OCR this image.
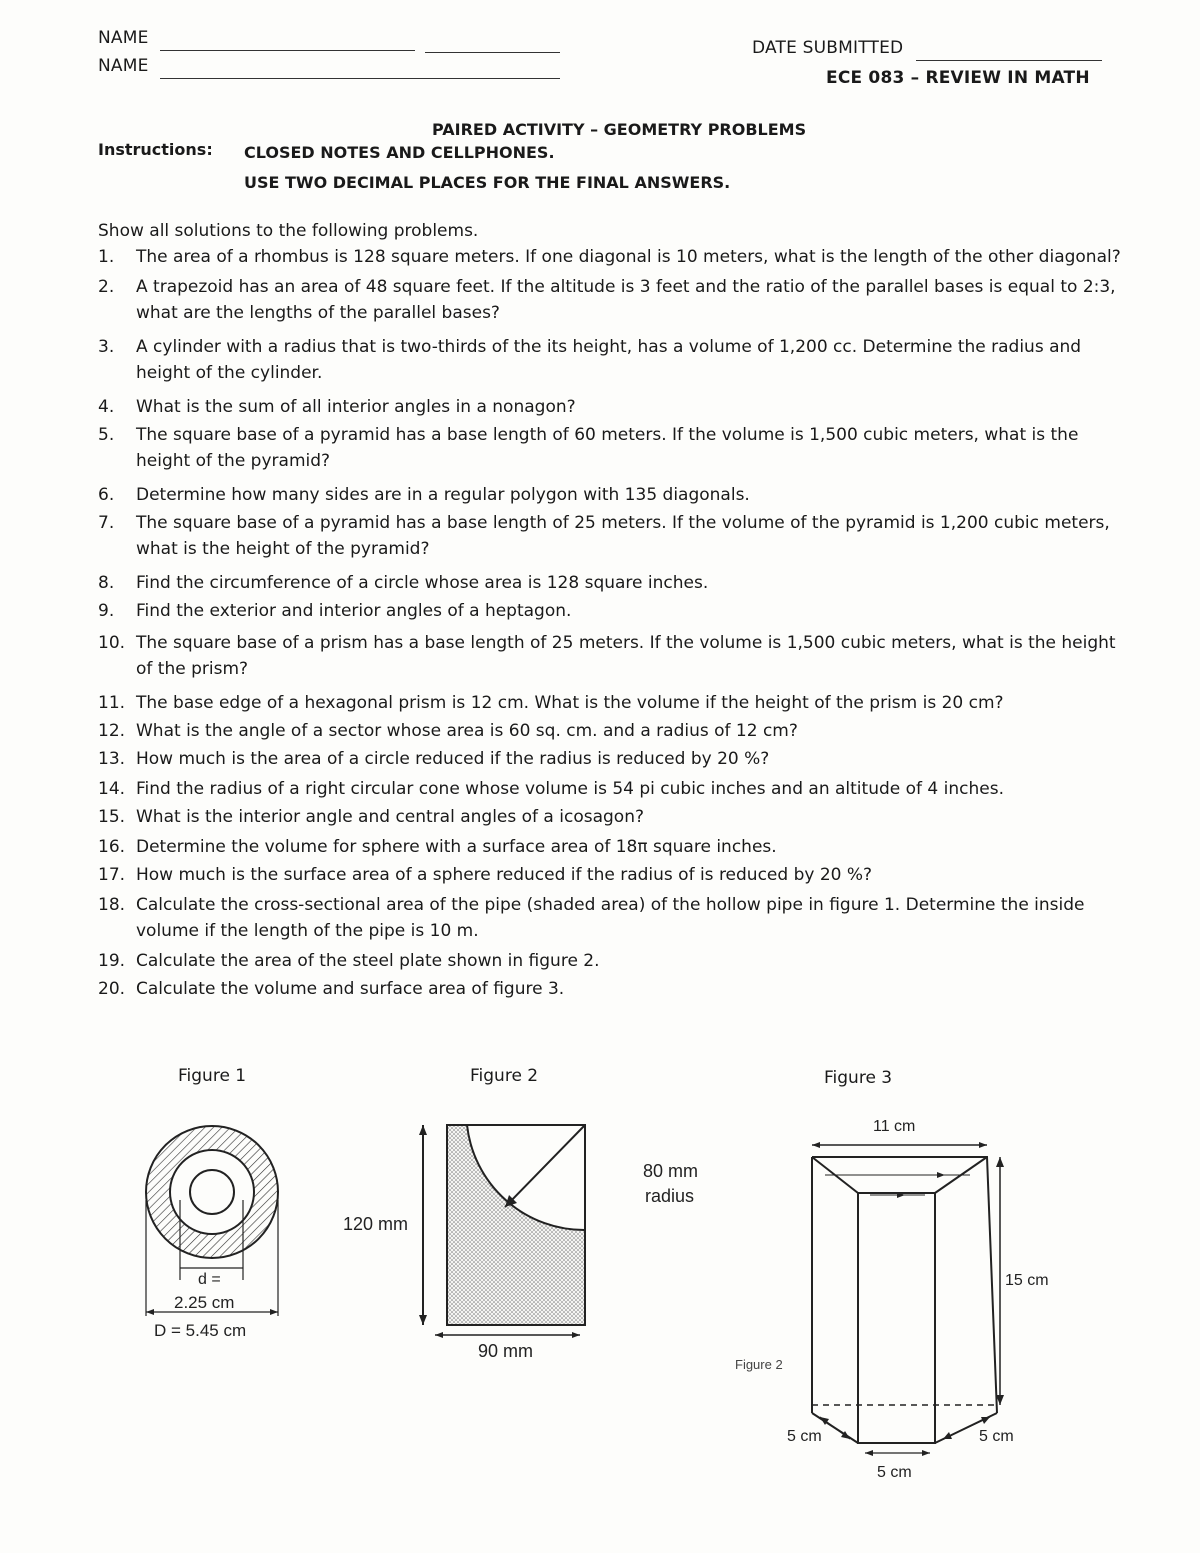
NAME
NAME
DATE SUBMITTED
ECE 083 – REVIEW IN MATH
PAIRED ACTIVITY – GEOMETRY PROBLEMS
Instructions: CLOSED NOTES AND CELLPHONES.
USE TWO DECIMAL PLACES FOR THE FINAL ANSWERS.
Show all solutions to the following problems.
1. The area of a rhombus is 128 square meters. If one diagonal is 10 meters, what is the length of the other diagonal?
2. A trapezoid has an area of 48 square feet. If the altitude is 3 feet and the ratio of the parallel bases is equal to 2:3,
what are the lengths of the parallel bases?
3. A cylinder with a radius that is two-thirds of the its height, has a volume of 1,200 cc. Determine the radius and
height of the cylinder.
4. What is the sum of all interior angles in a nonagon?
5. The square base of a pyramid has a base length of 60 meters. If the volume is 1,500 cubic meters, what is the
height of the pyramid?
6. Determine how many sides are in a regular polygon with 135 diagonals.
7. The square base of a pyramid has a base length of 25 meters. If the volume of the pyramid is 1,200 cubic meters,
what is the height of the pyramid?
8. Find the circumference of a circle whose area is 128 square inches.
9. Find the exterior and interior angles of a heptagon.
10. The square base of a prism has a base length of 25 meters. If the volume is 1,500 cubic meters, what is the height
of the prism?
11. The base edge of a hexagonal prism is 12 cm. What is the volume if the height of the prism is 20 cm?
12. What is the angle of a sector whose area is 60 sq. cm. and a radius of 12 cm?
13. How much is the area of a circle reduced if the radius is reduced by 20 %?
14. Find the radius of a right circular cone whose volume is 54 pi cubic inches and an altitude of 4 inches.
15. What is the interior angle and central angles of a icosagon?
16. Determine the volume for sphere with a surface area of 18π square inches.
17. How much is the surface area of a sphere reduced if the radius of is reduced by 20 %?
18. Calculate the cross-sectional area of the pipe (shaded area) of the hollow pipe in figure 1. Determine the inside
volume if the length of the pipe is 10 m.
19. Calculate the area of the steel plate shown in figure 2.
20. Calculate the volume and surface area of figure 3.
Figure 1	Figure 2	Figure 3
d =
2.25 cm
D = 5.45 cm
120 mm
90 mm
80 mm
radius
11 cm
15 cm
5 cm	5 cm
5 cm
Figure 2
